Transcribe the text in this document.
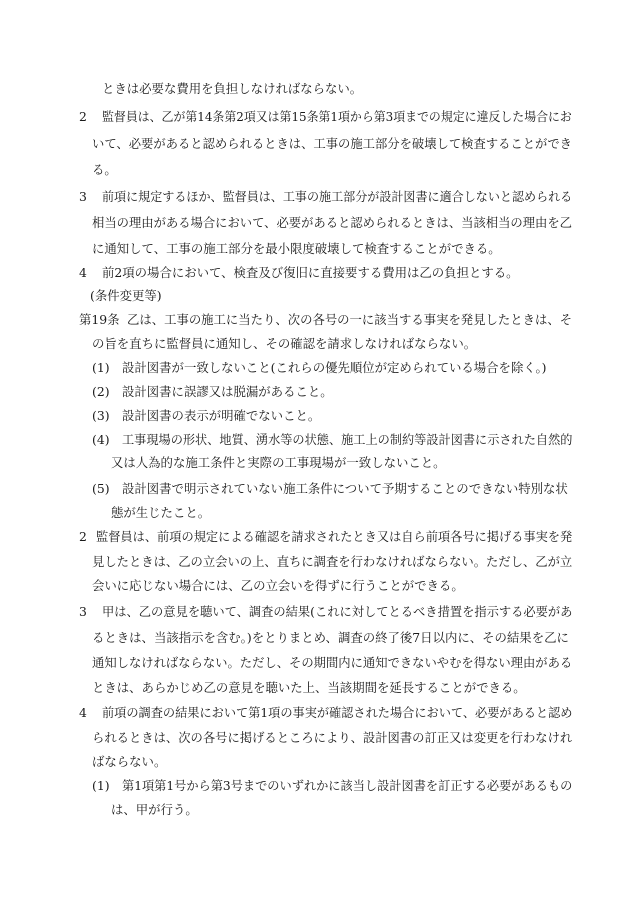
ときは必要な費用を負担しなければならない。
2 監督員は、乙が第14条第2項又は第15条第1項から第3項までの規定に違反した場合にお
いて、必要があると認められるときは、工事の施工部分を破壊して検査することができ
る。
3 前項に規定するほか、監督員は、工事の施工部分が設計図書に適合しないと認められる
相当の理由がある場合において、必要があると認められるときは、当該相当の理由を乙
に通知して、工事の施工部分を最小限度破壊して検査することができる。
4 前2項の場合において、検査及び復旧に直接要する費用は乙の負担とする。
(条件変更等)
第19条 乙は、工事の施工に当たり、次の各号の一に該当する事実を発見したときは、そ
の旨を直ちに監督員に通知し、その確認を請求しなければならない。
(1) 設計図書が一致しないこと(これらの優先順位が定められている場合を除く。)
(2) 設計図書に誤謬又は脱漏があること。
(3) 設計図書の表示が明確でないこと。
(4) 工事現場の形状、地質、湧水等の状態、施工上の制約等設計図書に示された自然的
又は人為的な施工条件と実際の工事現場が一致しないこと。
(5) 設計図書で明示されていない施工条件について予期することのできない特別な状
態が生じたこと。
2 監督員は、前項の規定による確認を請求されたとき又は自ら前項各号に掲げる事実を発
見したときは、乙の立会いの上、直ちに調査を行わなければならない。ただし、乙が立
会いに応じない場合には、乙の立会いを得ずに行うことができる。
3 甲は、乙の意見を聴いて、調査の結果(これに対してとるべき措置を指示する必要があ
るときは、当該指示を含む。)をとりまとめ、調査の終了後7日以内に、その結果を乙に
通知しなければならない。ただし、その期間内に通知できないやむを得ない理由がある
ときは、あらかじめ乙の意見を聴いた上、当該期間を延長することができる。
4 前項の調査の結果において第1項の事実が確認された場合において、必要があると認め
られるときは、次の各号に掲げるところにより、設計図書の訂正又は変更を行わなけれ
ばならない。
(1) 第1項第1号から第3号までのいずれかに該当し設計図書を訂正する必要があるもの
は、甲が行う。
